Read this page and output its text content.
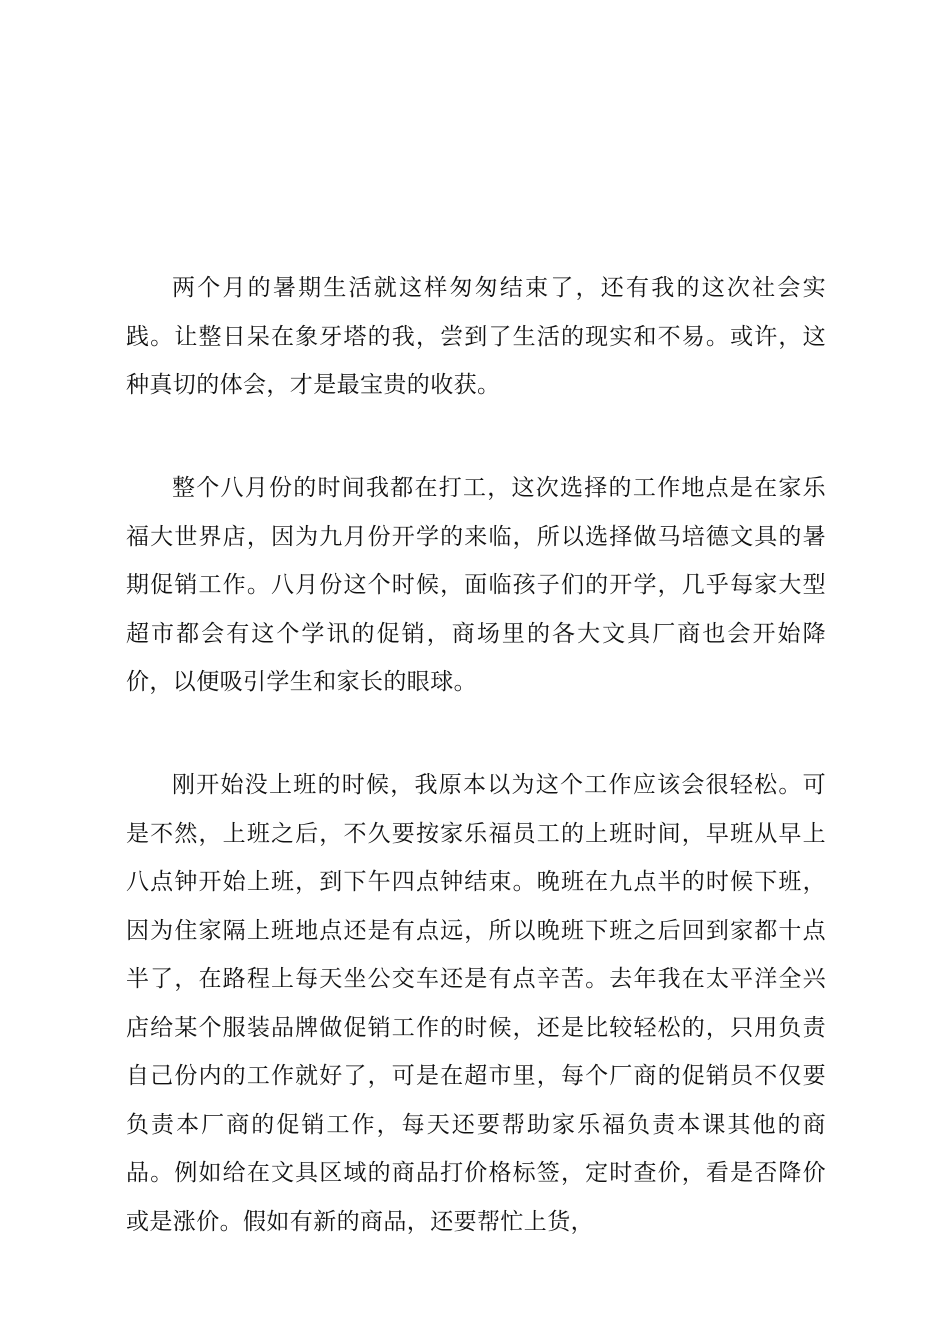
两个月的暑期生活就这样匆匆结束了，还有我的这次社会实践。让整日呆在象牙塔的我，尝到了生活的现实和不易。或许，这种真切的体会，才是最宝贵的收获。

整个八月份的时间我都在打工，这次选择的工作地点是在家乐福大世界店，因为九月份开学的来临，所以选择做马培德文具的暑期促销工作。八月份这个时候，面临孩子们的开学，几乎每家大型超市都会有这个学讯的促销，商场里的各大文具厂商也会开始降价，以便吸引学生和家长的眼球。

刚开始没上班的时候，我原本以为这个工作应该会很轻松。可是不然，上班之后，不久要按家乐福员工的上班时间，早班从早上八点钟开始上班，到下午四点钟结束。晚班在九点半的时候下班，因为住家隔上班地点还是有点远，所以晚班下班之后回到家都十点半了，在路程上每天坐公交车还是有点辛苦。去年我在太平洋全兴店给某个服装品牌做促销工作的时候，还是比较轻松的，只用负责自己份内的工作就好了，可是在超市里，每个厂商的促销员不仅要负责本厂商的促销工作，每天还要帮助家乐福负责本课其他的商品。例如给在文具区域的商品打价格标签，定时查价，看是否降价或是涨价。假如有新的商品，还要帮忙上货，
